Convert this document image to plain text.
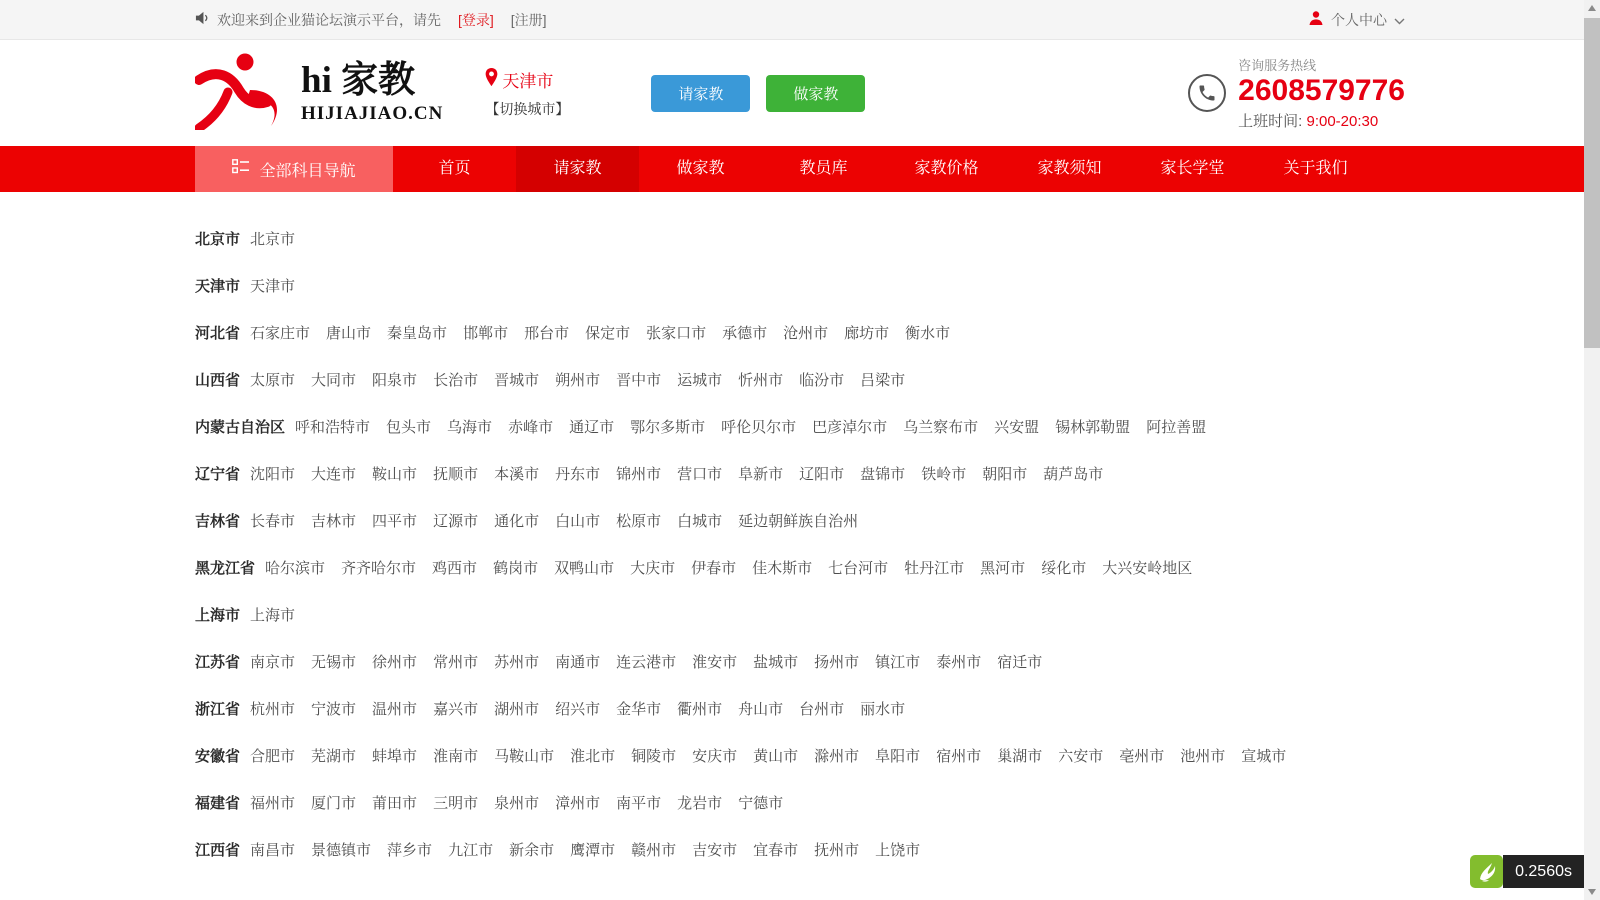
欢迎来到企业猫论坛演示平台，请先 [登录] [注册]	个人中心
hi 家教
HIJIAJIAO.CN
天津市
【切换城市】
请家教	做家教
咨询服务热线
2608579776
上班时间: 9:00-20:30
全部科目导航	首页	请家教	做家教	教员库	家教价格	家教须知	家长学堂	关于我们
北京市 北京市
天津市 天津市
河北省 石家庄市 唐山市 秦皇岛市 邯郸市 邢台市 保定市 张家口市 承德市 沧州市 廊坊市 衡水市
山西省 太原市 大同市 阳泉市 长治市 晋城市 朔州市 晋中市 运城市 忻州市 临汾市 吕梁市
内蒙古自治区 呼和浩特市 包头市 乌海市 赤峰市 通辽市 鄂尔多斯市 呼伦贝尔市 巴彦淖尔市 乌兰察布市 兴安盟 锡林郭勒盟 阿拉善盟
辽宁省 沈阳市 大连市 鞍山市 抚顺市 本溪市 丹东市 锦州市 营口市 阜新市 辽阳市 盘锦市 铁岭市 朝阳市 葫芦岛市
吉林省 长春市 吉林市 四平市 辽源市 通化市 白山市 松原市 白城市 延边朝鲜族自治州
黑龙江省 哈尔滨市 齐齐哈尔市 鸡西市 鹤岗市 双鸭山市 大庆市 伊春市 佳木斯市 七台河市 牡丹江市 黑河市 绥化市 大兴安岭地区
上海市 上海市
江苏省 南京市 无锡市 徐州市 常州市 苏州市 南通市 连云港市 淮安市 盐城市 扬州市 镇江市 泰州市 宿迁市
浙江省 杭州市 宁波市 温州市 嘉兴市 湖州市 绍兴市 金华市 衢州市 舟山市 台州市 丽水市
安徽省 合肥市 芜湖市 蚌埠市 淮南市 马鞍山市 淮北市 铜陵市 安庆市 黄山市 滁州市 阜阳市 宿州市 巢湖市 六安市 亳州市 池州市 宣城市
福建省 福州市 厦门市 莆田市 三明市 泉州市 漳州市 南平市 龙岩市 宁德市
江西省 南昌市 景德镇市 萍乡市 九江市 新余市 鹰潭市 赣州市 吉安市 宜春市 抚州市 上饶市
0.2560s
